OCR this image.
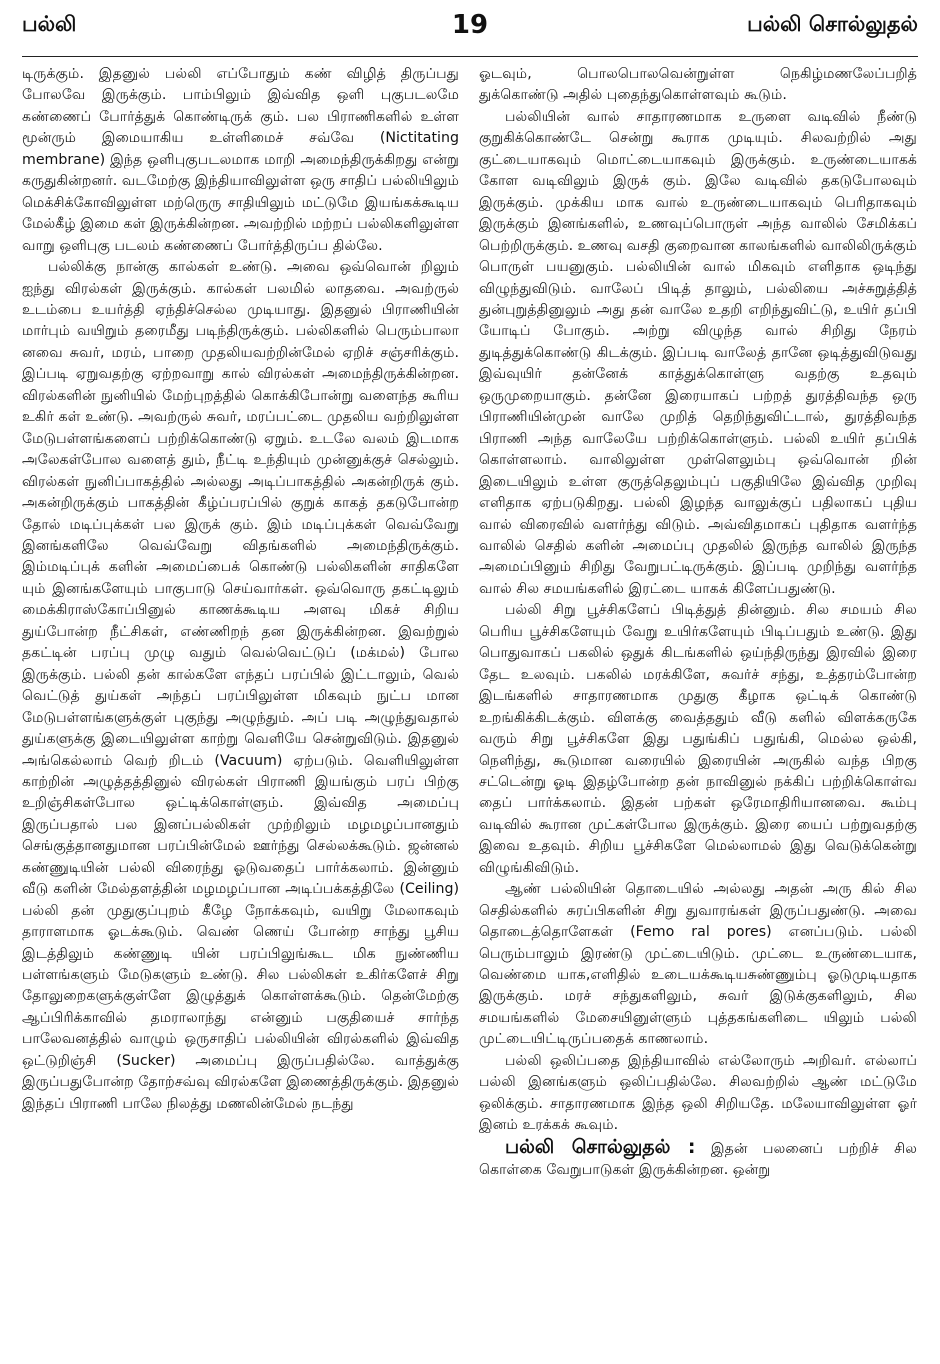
பல்லி	19	பல்லி சொல்லுதல்

டிருக்கும். இதனுல் பல்லி எப்போதும் கண் விழித் திருப்பது போலவே இருக்கும். பாம்பிலும் இவ்வித ஒளி புகுபடலமே கண்ணைப் போர்த்துக் கொண்டிருக் கும். பல பிராணிகளில் உள்ள மூன்ரும் இமையாகிய உள்ளிமைச் சவ்வே (Nictitating membrane) இந்த ஒளிபுகுபடலமாக மாறி அமைந்திருக்கிறது என்று கருதுகின்றனர். வடமேற்கு இந்தியாவிலுள்ள ஒரு சாதிப் பல்லியிலும் மெக்சிக்கோவிலுள்ள மற்ருெரு சாதியிலும் மட்டுமே இயங்கக்கூடிய மேல்கீழ் இமை கள் இருக்கின்றன. அவற்றில் மற்றப் பல்லிகளிலுள்ள வாறு ஒளிபுகு படலம் கண்ணைப் போர்த்திருப்ப தில்லே.

பல்லிக்கு நான்கு கால்கள் உண்டு. அவை ஒவ்வொன் றிலும் ஐந்து விரல்கள் இருக்கும். கால்கள் பலமில் லாதவை. அவற்ருல் உடம்பை உயர்த்தி ஏந்திச்செல்ல முடியாது. இதனுல் பிராணியின் மார்பும் வயிறும் தரைமீது படிந்திருக்கும். பல்லிகளில் பெரும்பாலா னவை சுவர், மரம், பாறை முதலியவற்றின்மேல் ஏறிச் சஞ்சரிக்கும். இப்படி ஏறுவதற்கு ஏற்றவாறு கால் விரல்கள் அமைந்திருக்கின்றன. விரல்களின் நுனியில் மேற்புறத்தில் கொக்கிபோன்று வளைந்த கூரிய உகிர் கள் உண்டு. அவற்ருல் சுவர், மரப்பட்டை முதலிய வற்றிலுள்ள மேடுபள்ளங்களைப் பற்றிக்கொண்டு ஏறும். உடலே வலம் இடமாக அலேகள்போல வளைத் தும், நீட்டி உந்தியும் முன்னுக்குச் செல்லும். விரல்கள் நுனிப்பாகத்தில் அல்லது அடிப்பாகத்தில் அகன்றிருக் கும். அகன்றிருக்கும் பாகத்தின் கீழ்ப்பரப்பில் குறுக் காகத் தகடுபோன்ற தோல் மடிப்புக்கள் பல இருக் கும். இம் மடிப்புக்கள் வெவ்வேறு இனங்களிலே வெவ்வேறு விதங்களில் அமைந்திருக்கும். இம்மடிப்புக் களின் அமைப்பைக் கொண்டு பல்லிகளின் சாதிகளே யும் இனங்களேயும் பாகுபாடு செய்வார்கள். ஒவ்வொரு தகட்டிலும் மைக்கிராஸ்கோப்பினுல் காணக்கூடிய அளவு மிகச் சிறிய துய்போன்ற நீட்சிகள், எண்ணிறந் தன இருக்கின்றன. இவற்றுல் தகட்டின் பரப்பு முழு வதும் வெல்வெட்டுப் (மக்மல்) போல இருக்கும். பல்லி தன் கால்களே எந்தப் பரப்பில் இட்டாலும், வெல் வெட்டுத் துய்கள் அந்தப் பரப்பிலுள்ள மிகவும் நுட்ப மான மேடுபள்ளங்களுக்குள் புகுந்து அழுந்தும். அப் படி அழுந்துவதால் துய்களுக்கு இடையிலுள்ள காற்று வெளியே சென்றுவிடும். இதனுல் அங்கெல்லாம் வெற் றிடம் (Vacuum) ஏற்படும். வெளியிலுள்ள காற்றின் அழுத்தத்தினுல் விரல்கள் பிராணி இயங்கும் பரப் பிற்கு உறிஞ்சிகள்போல ஒட்டிக்கொள்ளும். இவ்வித அமைப்பு இருப்பதால் பல இனப்பல்லிகள் முற்றிலும் மழமழப்பானதும் செங்குத்தானதுமான பரப்பின்மேல் ஊர்ந்து செல்லக்கூடும். ஜன்னல் கண்ணுடியின் பல்லி விரைந்து ஓடுவதைப் பார்க்கலாம். இன்னும் வீடு களின் மேல்தளத்தின் மழமழப்பான அடிப்பக்கத்திலே (Ceiling) பல்லி தன் முதுகுப்புறம் கீழே நோக்கவும், வயிறு மேலாகவும் தாராளமாக ஓடக்கூடும். வெண் ணெய் போன்ற சாந்து பூசிய இடத்திலும் கண்ணுடி யின் பரப்பிலுங்கூட மிக நுண்ணிய பள்ளங்களும் மேடுகளும் உண்டு. சில பல்லிகள் உகிர்களேச் சிறு தோலுறைகளுக்குள்ளே இழுத்துக் கொள்ளக்கூடும். தென்மேற்கு ஆப்பிரிக்காவில் தமராலாந்து என்னும் பகுதியைச் சார்ந்த பாலேவனத்தில் வாழும் ஒருசாதிப் பல்லியின் விரல்களில் இவ்வித ஒட்டுறிஞ்சி (Sucker) அமைப்பு இருப்பதில்லே. வாத்துக்கு இருப்பதுபோன்ற தோற்சவ்வு விரல்களே இணைத்திருக்கும். இதனுல் இந்தப் பிராணி பாலே நிலத்து மணலின்மேல் நடந்து

ஓடவும், பொலபொலவென்றுள்ள நெகிழ்மணலேப்பறித் துக்கொண்டு அதில் புதைந்துகொள்ளவும் கூடும்.

பல்லியின் வால் சாதாரணமாக உருளை வடிவில் நீண்டு குறுகிக்கொண்டே சென்று கூராக முடியும். சிலவற்றில் அது குட்டையாகவும் மொட்டையாகவும் இருக்கும். உருண்டையாகக் கோள வடிவிலும் இருக் கும். இலே வடிவில் தகடுபோலவும் இருக்கும். முக்கிய மாக வால் உருண்டையாகவும் பெரிதாகவும் இருக்கும் இனங்களில், உணவுப்பொருள் அந்த வாலில் சேமிக்கப் பெற்றிருக்கும். உணவு வசதி குறைவான காலங்களில் வாலிலிருக்கும் பொருள் பயனுகும். பல்லியின் வால் மிகவும் எளிதாக ஒடிந்து விழுந்துவிடும். வாலேப் பிடித் தாலும், பல்லியை அச்சுறுத்தித் துன்புறுத்தினுலும் அது தன் வாலே உதறி எறிந்துவிட்டு, உயிர் தப்பி யோடிப் போகும். அற்று விழுந்த வால் சிறிது நேரம் துடித்துக்கொண்டு கிடக்கும். இப்படி வாலேத் தானே ஒடித்துவிடுவது இவ்வுயிர் தன்னேக் காத்துக்கொள்ளு வதற்கு உதவும் ஒருமுறையாகும். தன்னே இரையாகப் பற்றத் துரத்திவந்த ஒரு பிராணியின்முன் வாலே முறித் தெறிந்துவிட்டால், துரத்திவந்த பிராணி அந்த வாலேயே பற்றிக்கொள்ளும். பல்லி உயிர் தப்பிக் கொள்ளலாம். வாலிலுள்ள முள்ளெலும்பு ஒவ்வொன் றின் இடையிலும் உள்ள குருத்தெலும்புப் பகுதியிலே இவ்வித முறிவு எளிதாக ஏற்படுகிறது. பல்லி இழந்த வாலுக்குப் பதிலாகப் புதிய வால் விரைவில் வளர்ந்து விடும். அவ்விதமாகப் புதிதாக வளர்ந்த வாலில் செதில் களின் அமைப்பு முதலில் இருந்த வாலில் இருந்த அமைப்பினும் சிறிது வேறுபட்டிருக்கும். இப்படி முறிந்து வளர்ந்த வால் சில சமயங்களில் இரட்டை யாகக் கிளேப்பதுண்டு.

பல்லி சிறு பூச்சிகளேப் பிடித்துத் தின்னும். சில சமயம் சில பெரிய பூச்சிகளேயும் வேறு உயிர்களேயும் பிடிப்பதும் உண்டு. இது பொதுவாகப் பகலில் ஒதுக் கிடங்களில் ஒய்ந்திருந்து இரவில் இரை தேட உலவும். பகலில் மரக்கிளே, சுவர்ச் சந்து, உத்தரம்போன்ற இடங்களில் சாதாரணமாக முதுகு கீழாக ஒட்டிக் கொண்டு உறங்கிக்கிடக்கும். விளக்கு வைத்ததும் வீடு களில் விளக்கருகே வரும் சிறு பூச்சிகளே இது பதுங்கிப் பதுங்கி, மெல்ல ஒல்கி, நெளிந்து, கூடுமான வரையில் இரையின் அருகில் வந்த பிறகு சட்டென்று ஓடி இதழ்போன்ற தன் நாவினுல் நக்கிப் பற்றிக்கொள்வ தைப் பார்க்கலாம். இதன் பற்கள் ஒரேமாதிரியானவை. கூம்பு வடிவில் கூரான முட்கள்போல இருக்கும். இரை யைப் பற்றுவதற்கு இவை உதவும். சிறிய பூச்சிகளே மெல்லாமல் இது வெடுக்கென்று விழுங்கிவிடும்.

ஆண் பல்லியின் தொடையில் அல்லது அதன் அரு கில் சில செதில்களில் சுரப்பிகளின் சிறு துவாரங்கள் இருப்பதுண்டு. அவை தொடைத்தொளேகள் (Femo ral pores) எனப்படும். பல்லி பெரும்பாலும் இரண்டு முட்டையிடும். முட்டை உருண்டையாக, வெண்மை யாக,எளிதில் உடையக்கூடியசுண்ணும்பு ஓடுமுடியதாக இருக்கும். மரச் சந்துகளிலும், சுவர் இடுக்குகளிலும், சில சமயங்களில் மேசையினுள்ளும் புத்தகங்களிடை யிலும் பல்லி முட்டையிட்டிருப்பதைக் காணலாம்.

பல்லி ஒலிப்பதை இந்தியாவில் எல்லோரும் அறிவர். எல்லாப் பல்லி இனங்களும் ஒலிப்பதில்லே. சிலவற்றில் ஆண் மட்டுமே ஒலிக்கும். சாதாரணமாக இந்த ஒலி சிறியதே. மலேயாவிலுள்ள ஓர் இனம் உரக்கக் கூவும்.

பல்லி சொல்லுதல் : இதன் பலனைப் பற்றிச் சில கொள்கை வேறுபாடுகள் இருக்கின்றன. ஒன்று
